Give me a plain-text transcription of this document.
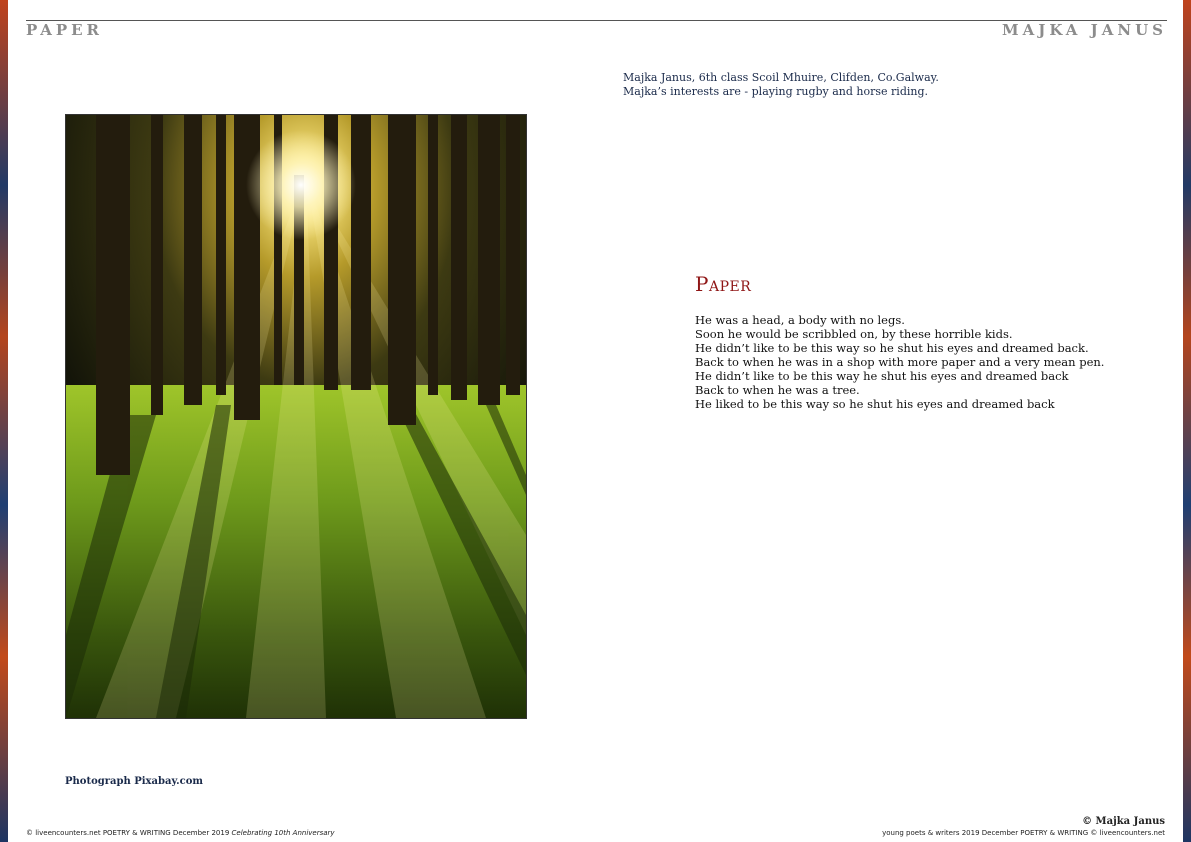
PAPER	MAJKA JANUS
Majka Janus, 6th class Scoil Mhuire, Clifden, Co.Galway.
Majka’s interests are - playing rugby and horse riding.
Paper
He was a head, a body with no legs.
Soon he would be scribbled on, by these horrible kids.
He didn’t like to be this way so he shut his eyes and dreamed back.
Back to when he was in a shop with more paper and a very mean pen.
He didn’t like to be this way he shut his eyes and dreamed back
Back to when he was a tree.
He liked to be this way so he shut his eyes and dreamed back
Photograph Pixabay.com
© Majka Janus
© liveencounters.net POETRY & WRITING December 2019 Celebrating 10th Anniversary	young poets & writers 2019 December POETRY & WRITING © liveencounters.net
